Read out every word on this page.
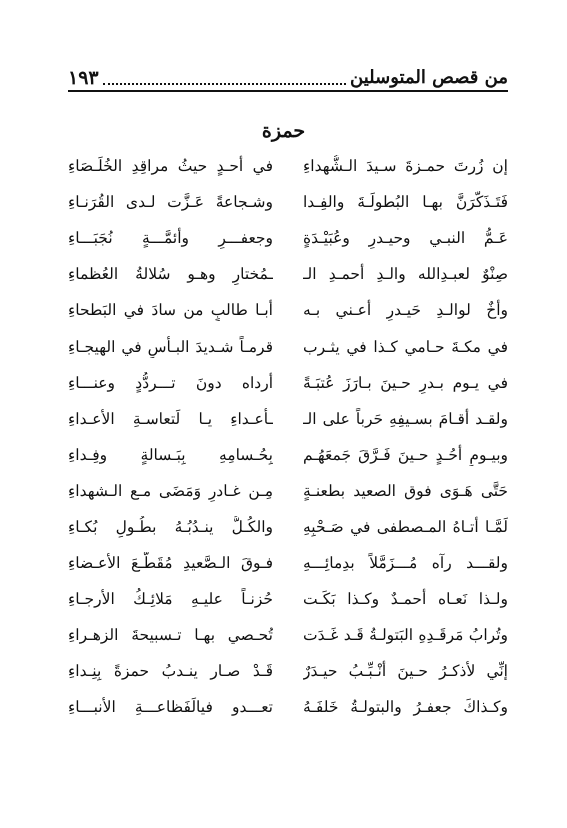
من قصص المتوسلين
١٩٣
حمزة
إن زُرتَ حمـزةَ سـيدَ الـشُّهداءِ
في أُحـدٍ حيثُ مراقِدِ الخُلَـصَاءِ
فَتَـذَكَّرَنَّ بهـا البُطولَـةَ والفِـدا
وشـجاعةً عَـزَّت لـدى القُرَنـاءِ
عَـمُّ النبـي وحيـدرٍ وعُبَيْـدَةٍ
وجعفـــرٍ وأئمَّـــةٍ نُجَبَـــاءِ
صِنْوٌ لعبـدِالله والـدِ أحمـدِ الـ
ـمُختارِ وهـو سُلالةُ العُظماءِ
وأخٌ لوالـدِ حَيـدرٍ أعـني بـه
أبـا طالبٍ من سادَ في البَطحاءِ
في مكـةَ حـامي كـذا في يثـرب
قرمـاً شـديدَ البـأسِ في الهيجـاءِ
في يـوم بـدرٍ حـينَ بـارَزَ عُتبَـةً
أرداه دونَ تـــردُّدٍ وعنـــاءِ
ولقـد أقـامَ بسـيفِهِ حَرباً على الـ
ـأعـداءِ يـا لَتعاسـةِ الأعـداءِ
وبيـومِ أُحُـدٍ حـينَ فَـرَّقَ جَمعَهُـم
بِحُـسامِهِ بِبَـسالةٍ وفِـداءِ
حَتَّى هَـوَى فوق الصعيد بطعنـةٍ
مِـن غـادرٍ وَمَضَى مـع الـشهداءِ
لَمَّـا أتـاهُ المـصطفى في صَـحْبِهِ
والكُـلُّ ينـدُبُـهُ بطُـولِ بُكـاءِ
ولقـــد رآه مُـــزَمَّلاً بدِمائِـــهِ
فـوقَ الـصَّعيدِ مُقَطَّـعَ الأعـضاءِ
ولـذا نَعـاه أحمـدٌ وكـذا بَكَـت
حُزنـاً عليـهِ مَلائِـكُ الأرجـاءِ
وتُرابُ مَرقَـدِهِ البَتولـةُ قَـد غَـدَت
تُحـصي بهـا تـسبيحةَ الزهـراءِ
إنِّي لأذكـرُ حـينَ أُنْـبِّـبُ حيـدَرٌ
قَـدْ صـار ينـدبُ حمزةً بِنِـداءِ
وكـذاكَ جعفـرُ والبتولـةُ خَلفَـهُ
تعـــدو فيالَفَظاعـــةِ الأنبـــاءِ
